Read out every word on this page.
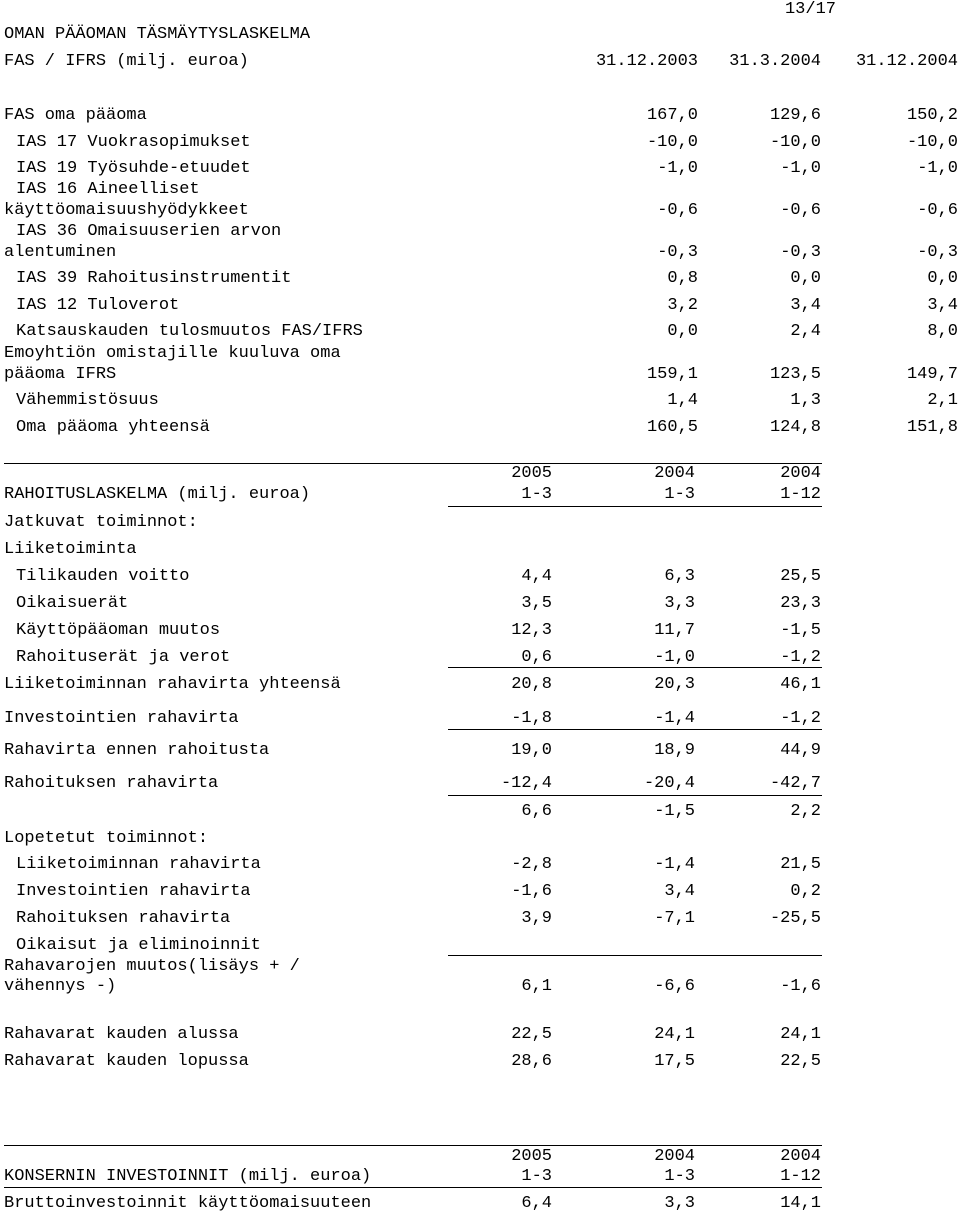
13/17
OMAN PÄÄOMAN TÄSMÄYTYSLASKELMA
FAS / IFRS (milj. euroa)	31.12.2003	31.3.2004	31.12.2004
FAS oma pääoma	167,0	129,6	150,2
IAS 17 Vuokrasopimukset	-10,0	-10,0	-10,0
IAS 19 Työsuhde-etuudet	-1,0	-1,0	-1,0
IAS 16 Aineelliset
käyttöomaisuushyödykkeet	-0,6	-0,6	-0,6
IAS 36 Omaisuuserien arvon
alentuminen	-0,3	-0,3	-0,3
IAS 39 Rahoitusinstrumentit	0,8	0,0	0,0
IAS 12 Tuloverot	3,2	3,4	3,4
Katsauskauden tulosmuutos FAS/IFRS	0,0	2,4	8,0
Emoyhtiön omistajille kuuluva oma
pääoma IFRS	159,1	123,5	149,7
Vähemmistösuus	1,4	1,3	2,1
Oma pääoma yhteensä	160,5	124,8	151,8
2005	2004	2004
RAHOITUSLASKELMA (milj. euroa)	1-3	1-3	1-12
Jatkuvat toiminnot:
Liiketoiminta
Tilikauden voitto	4,4	6,3	25,5
Oikaisuerät	3,5	3,3	23,3
Käyttöpääoman muutos	12,3	11,7	-1,5
Rahoituserät ja verot	0,6	-1,0	-1,2
Liiketoiminnan rahavirta yhteensä	20,8	20,3	46,1
Investointien rahavirta	-1,8	-1,4	-1,2
Rahavirta ennen rahoitusta	19,0	18,9	44,9
Rahoituksen rahavirta	-12,4	-20,4	-42,7
6,6	-1,5	2,2
Lopetetut toiminnot:
Liiketoiminnan rahavirta	-2,8	-1,4	21,5
Investointien rahavirta	-1,6	3,4	0,2
Rahoituksen rahavirta	3,9	-7,1	-25,5
Oikaisut ja eliminoinnit
Rahavarojen muutos(lisäys + /
vähennys -)	6,1	-6,6	-1,6
Rahavarat kauden alussa	22,5	24,1	24,1
Rahavarat kauden lopussa	28,6	17,5	22,5
2005	2004	2004
KONSERNIN INVESTOINNIT (milj. euroa)	1-3	1-3	1-12
Bruttoinvestoinnit käyttöomaisuuteen	6,4	3,3	14,1
